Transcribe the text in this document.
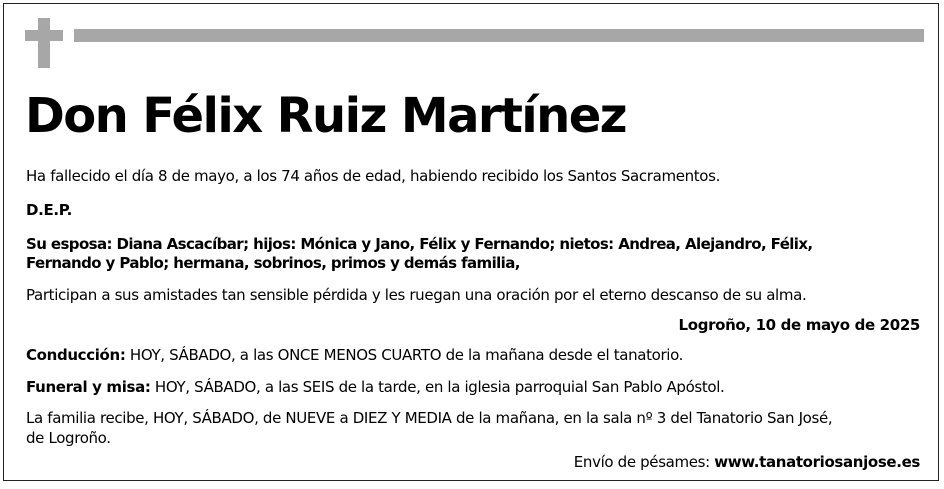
Don Félix Ruiz Martínez
Ha fallecido el día 8 de mayo, a los 74 años de edad, habiendo recibido los Santos Sacramentos.
D.E.P.
Su esposa: Diana Ascacíbar; hijos: Mónica y Jano, Félix y Fernando; nietos: Andrea, Alejandro, Félix,
Fernando y Pablo; hermana, sobrinos, primos y demás familia,
Participan a sus amistades tan sensible pérdida y les ruegan una oración por el eterno descanso de su alma.
Logroño, 10 de mayo de 2025
Conducción: HOY, SÁBADO, a las ONCE MENOS CUARTO de la mañana desde el tanatorio.
Funeral y misa: HOY, SÁBADO, a las SEIS de la tarde, en la iglesia parroquial San Pablo Apóstol.
La familia recibe, HOY, SÁBADO, de NUEVE a DIEZ Y MEDIA de la mañana, en la sala nº 3 del Tanatorio San José,
de Logroño.
Envío de pésames: www.tanatoriosanjose.es
